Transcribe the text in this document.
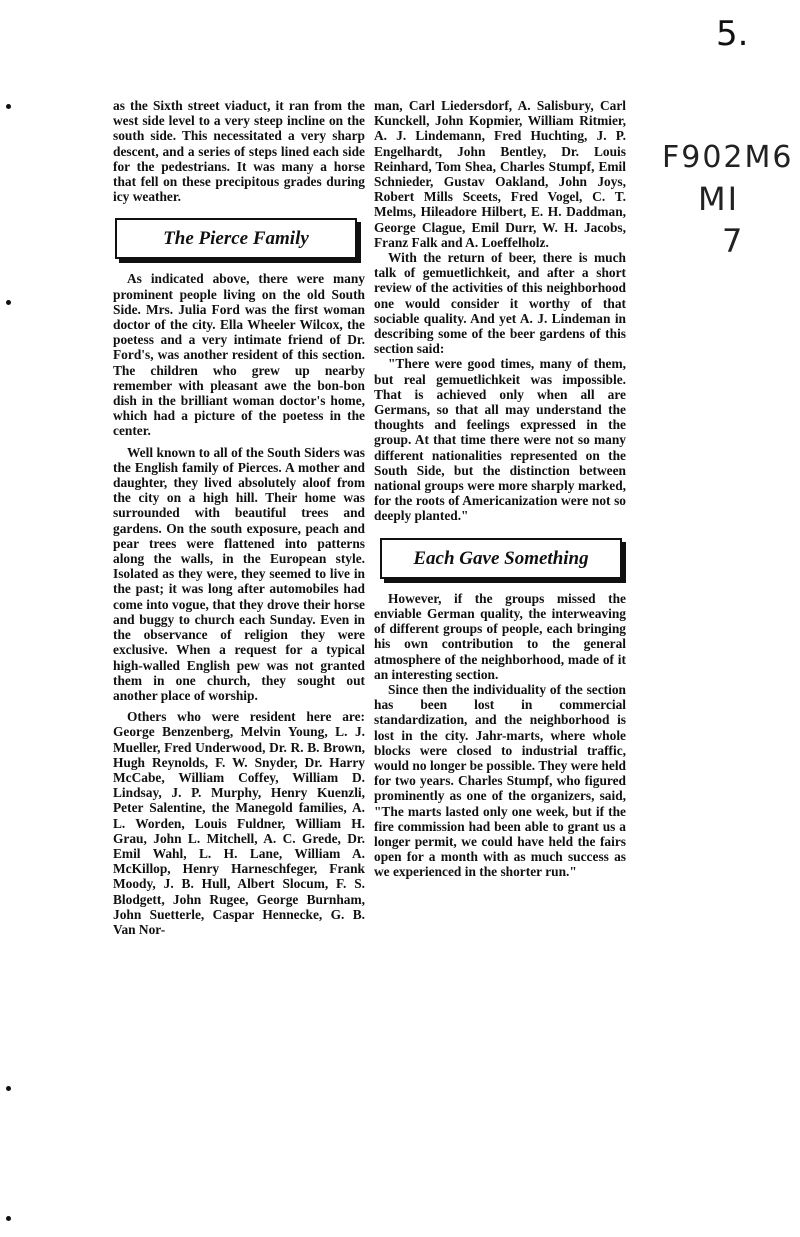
5.
F902M6
MI
7

as the Sixth street viaduct, it ran from the west side level to a very steep incline on the south side. This necessitated a very sharp descent, and a series of steps lined each side for the pedestrians. It was many a horse that fell on these precipitous grades during icy weather.

The Pierce Family

As indicated above, there were many prominent people living on the old South Side. Mrs. Julia Ford was the first woman doctor of the city. Ella Wheeler Wilcox, the poetess and a very intimate friend of Dr. Ford's, was another resident of this section. The children who grew up nearby remember with pleasant awe the bon-bon dish in the brilliant woman doctor's home, which had a picture of the poetess in the center.

Well known to all of the South Siders was the English family of Pierces. A mother and daughter, they lived absolutely aloof from the city on a high hill. Their home was surrounded with beautiful trees and gardens. On the south exposure, peach and pear trees were flattened into patterns along the walls, in the European style. Isolated as they were, they seemed to live in the past; it was long after automobiles had come into vogue, that they drove their horse and buggy to church each Sunday. Even in the observance of religion they were exclusive. When a request for a typical high-walled English pew was not granted them in one church, they sought out another place of worship.

Others who were resident here are: George Benzenberg, Melvin Young, L. J. Mueller, Fred Underwood, Dr. R. B. Brown, Hugh Reynolds, F. W. Snyder, Dr. Harry McCabe, William Coffey, William D. Lindsay, J. P. Murphy, Henry Kuenzli, Peter Salentine, the Manegold families, A. L. Worden, Louis Fuldner, William H. Grau, John L. Mitchell, A. C. Grede, Dr. Emil Wahl, L. H. Lane, William A. McKillop, Henry Harneschfeger, Frank Moody, J. B. Hull, Albert Slocum, F. S. Blodgett, John Rugee, George Burnham, John Suetterle, Caspar Hennecke, G. B. Van Nor-

man, Carl Liedersdorf, A. Salisbury, Carl Kunckell, John Kopmier, William Ritmier, A. J. Lindemann, Fred Huchting, J. P. Engelhardt, John Bentley, Dr. Louis Reinhard, Tom Shea, Charles Stumpf, Emil Schnieder, Gustav Oakland, John Joys, Robert Mills Sceets, Fred Vogel, C. T. Melms, Hileadore Hilbert, E. H. Daddman, George Clague, Emil Durr, W. H. Jacobs, Franz Falk and A. Loeffelholz.

With the return of beer, there is much talk of gemuetlichkeit, and after a short review of the activities of this neighborhood one would consider it worthy of that sociable quality. And yet A. J. Lindeman in describing some of the beer gardens of this section said:

"There were good times, many of them, but real gemuetlichkeit was impossible. That is achieved only when all are Germans, so that all may understand the thoughts and feelings expressed in the group. At that time there were not so many different nationalities represented on the South Side, but the distinction between national groups were more sharply marked, for the roots of Americanization were not so deeply planted."

Each Gave Something

However, if the groups missed the enviable German quality, the interweaving of different groups of people, each bringing his own contribution to the general atmosphere of the neighborhood, made of it an interesting section.

Since then the individuality of the section has been lost in commercial standardization, and the neighborhood is lost in the city. Jahr-marts, where whole blocks were closed to industrial traffic, would no longer be possible. They were held for two years. Charles Stumpf, who figured prominently as one of the organizers, said, "The marts lasted only one week, but if the fire commission had been able to grant us a longer permit, we could have held the fairs open for a month with as much success as we experienced in the shorter run."
